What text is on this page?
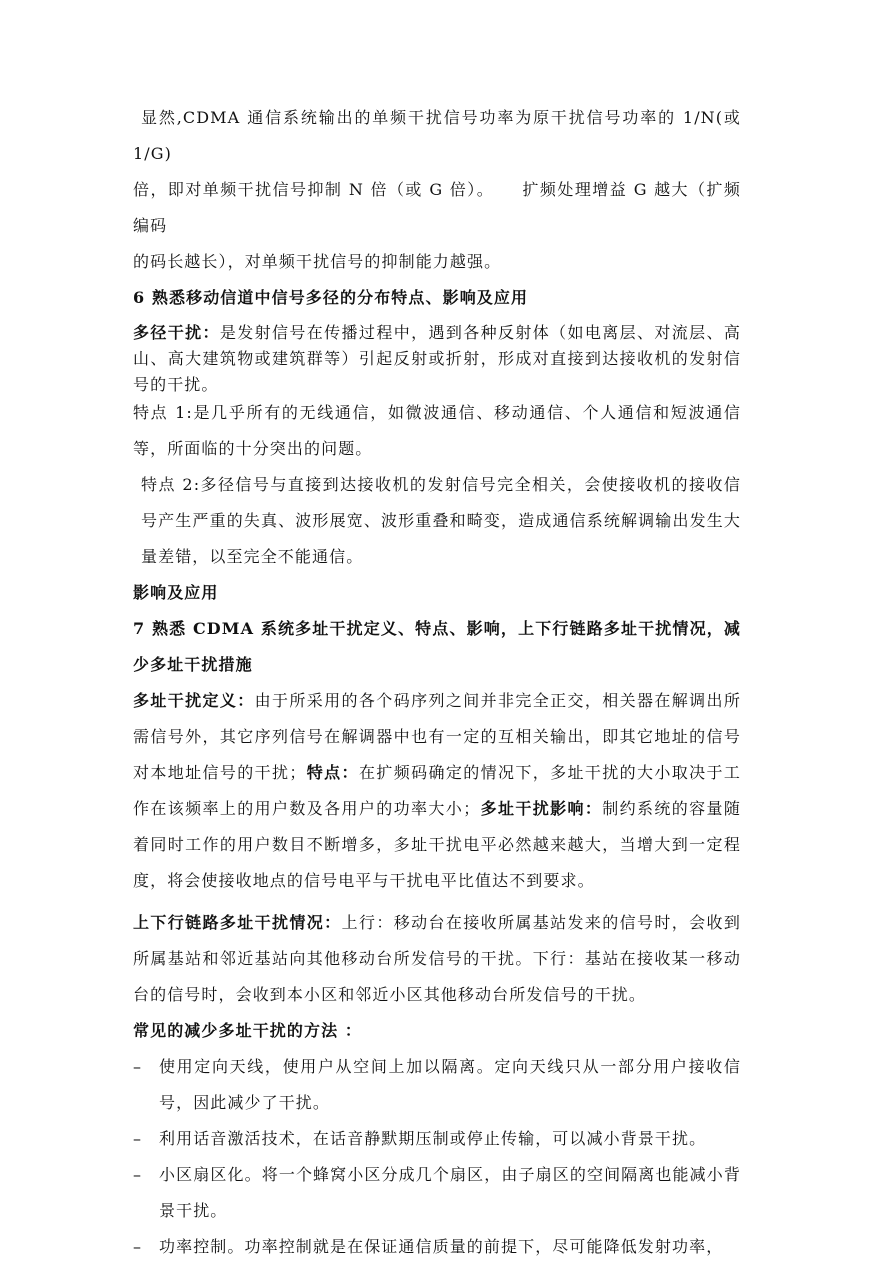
显然,CDMA 通信系统输出的单频干扰信号功率为原干扰信号功率的 1/N(或 1/G)
倍，即对单频干扰信号抑制 N 倍（或 G 倍）。 扩频处理增益 G 越大（扩频编码
的码长越长），对单频干扰信号的抑制能力越强。

6 熟悉移动信道中信号多径的分布特点、影响及应用

多径干扰：是发射信号在传播过程中，遇到各种反射体（如电离层、对流层、高山、高大建筑物或建筑群等）引起反射或折射，形成对直接到达接收机的发射信号的干扰。

特点 1:是几乎所有的无线通信，如微波通信、移动通信、个人通信和短波通信等，所面临的十分突出的问题。

特点 2:多径信号与直接到达接收机的发射信号完全相关，会使接收机的接收信号产生严重的失真、波形展宽、波形重叠和畸变，造成通信系统解调输出发生大量差错，以至完全不能通信。

影响及应用

7 熟悉 CDMA 系统多址干扰定义、特点、影响，上下行链路多址干扰情况，减少多址干扰措施

多址干扰定义：由于所采用的各个码序列之间并非完全正交，相关器在解调出所需信号外，其它序列信号在解调器中也有一定的互相关输出，即其它地址的信号对本地址信号的干扰；特点：在扩频码确定的情况下，多址干扰的大小取决于工作在该频率上的用户数及各用户的功率大小；多址干扰影响：制约系统的容量随着同时工作的用户数目不断增多，多址干扰电平必然越来越大，当增大到一定程度，将会使接收地点的信号电平与干扰电平比值达不到要求。

上下行链路多址干扰情况：上行：移动台在接收所属基站发来的信号时，会收到所属基站和邻近基站向其他移动台所发信号的干扰。下行：基站在接收某一移动台的信号时，会收到本小区和邻近小区其他移动台所发信号的干扰。

常见的减少多址干扰的方法 ：

– 使用定向天线，使用户从空间上加以隔离。定向天线只从一部分用户接收信号，因此减少了干扰。
– 利用话音激活技术，在话音静默期压制或停止传输，可以减小背景干扰。
– 小区扇区化。将一个蜂窝小区分成几个扇区，由子扇区的空间隔离也能减小背景干扰。
– 功率控制。功率控制就是在保证通信质量的前提下，尽可能降低发射功率，
